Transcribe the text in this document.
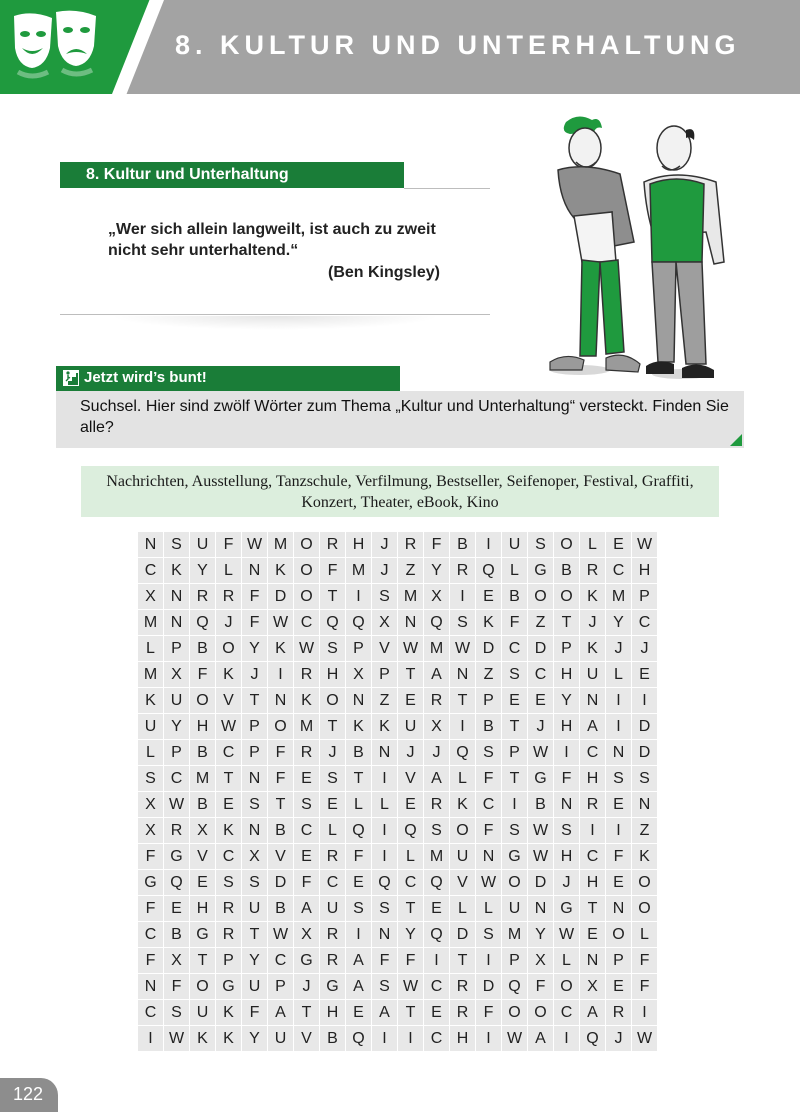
8. KULTUR UND UNTERHALTUNG
8. Kultur und Unterhaltung
„Wer sich allein langweilt, ist auch zu zweit nicht sehr unterhaltend.“
(Ben Kingsley)
Jetzt wird’s bunt!
Suchsel. Hier sind zwölf Wörter zum Thema „Kultur und Unterhaltung“ versteckt. Finden Sie alle?
Nachrichten, Ausstellung, Tanzschule, Verfilmung, Bestseller, Seifenoper, Festival, Graffiti, Konzert, Theater, eBook, Kino
N S U F W M O R H	J	R F B	I	U S O L	E W
C K Y	L N K O F M J	Z Y R Q L G B R C H
X N R R F D O T	I	S M X	I	E B O O K M P
M N Q J	F W C Q Q X N Q S K F	Z	T	J	Y C
L	P B O Y K W S P V W M W D C D P K	J	J
M X F K	J	I	R H X P T A N Z S C H U L	E
K U O V T N K O N Z E R T P E E Y N	I	I
U Y H W P O M T K K U X	I	B T	J	H A	I	D
L	P B C P F R	J	B N	J	J Q S P W	I	C N D
S C M T N F E S T	I	V A	L	F	T G F H S S
X W B E S T S E	L	L	E R K C	I	B N R E N
X R X K N B C L Q	I	Q S O F S W S	I	I	Z
F G V C X V E R F	I	L M U N G W H C F K
G Q E S S D F C E Q C Q V W O D	J	H E O
F E H R U B A U S S T E	L	L U N G T N O
C B G R T W X R	I	N Y Q D S M Y W E O L
F X T P Y C G R A F	F	I	T	I	P X	L N P F
N F O G U P	J G A S W C R D Q F O X E F
C S U K F A T H E A T E R F O O C A R	I
I	W K K Y U V B Q	I	I	C H	I	W A	I	Q J W
122
